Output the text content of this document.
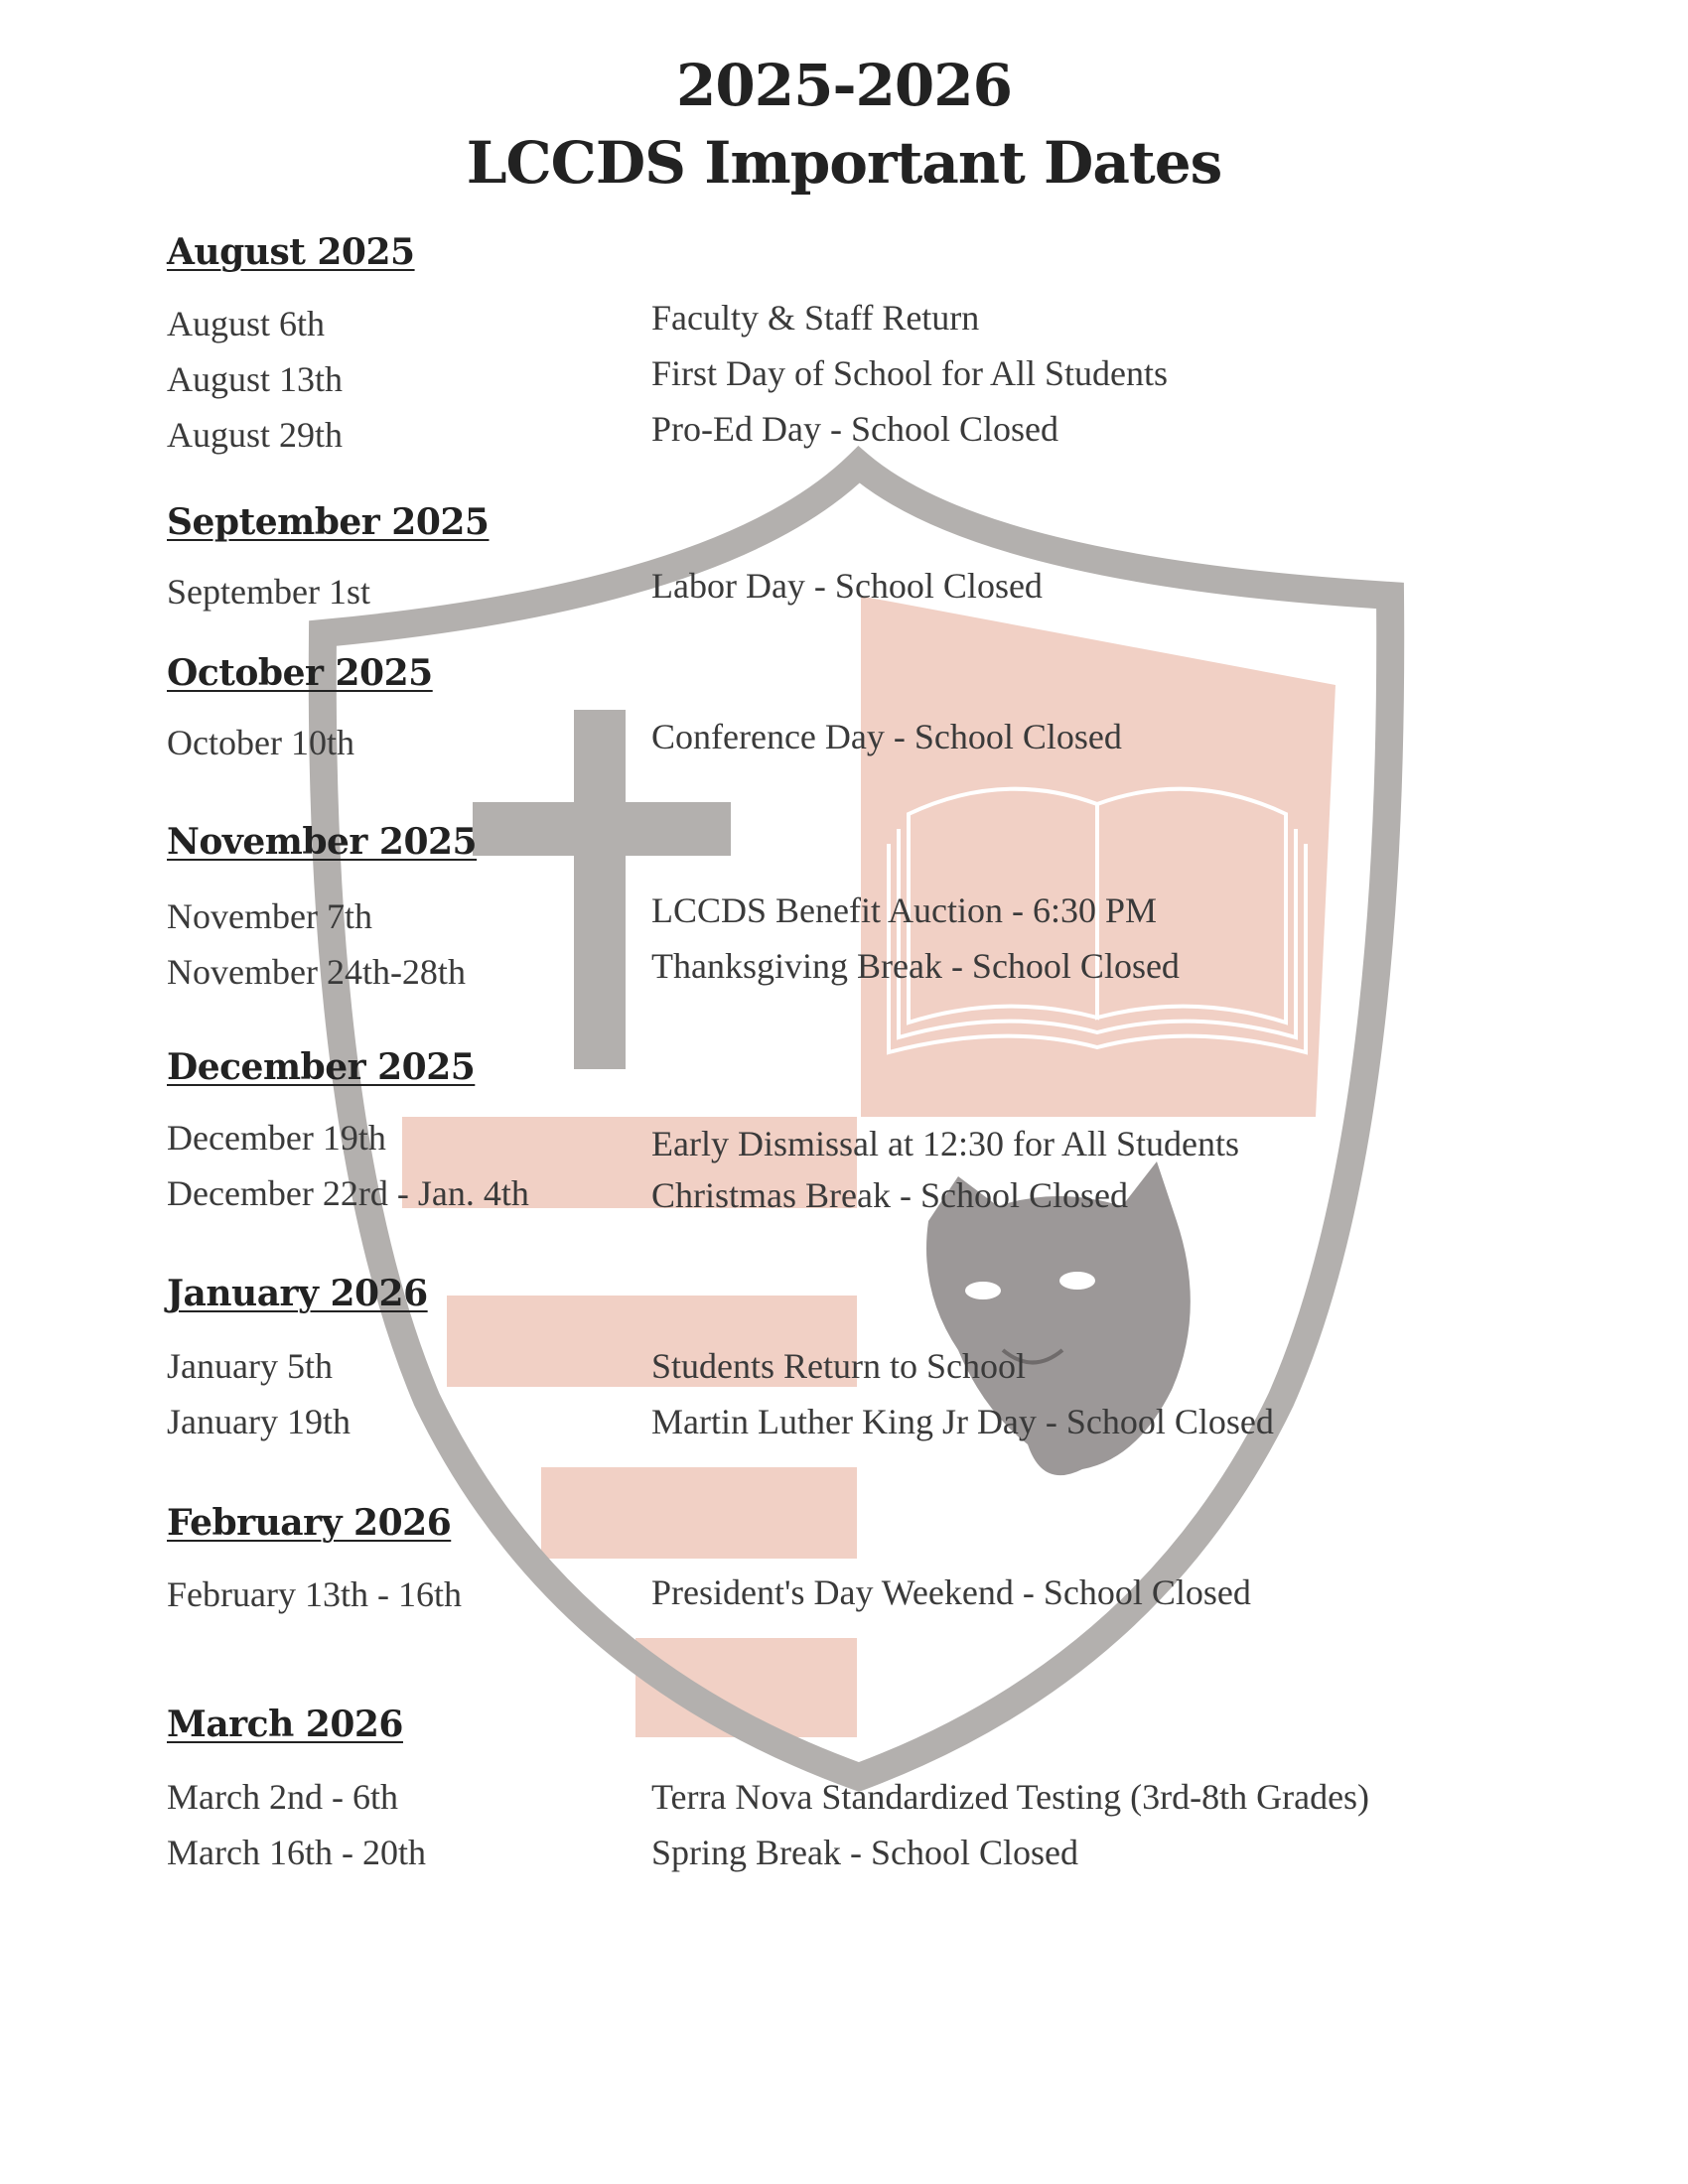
2025-2026
LCCDS Important Dates
August 2025
August 6th	Faculty & Staff Return
August 13th	First Day of School for All Students
August 29th	Pro-Ed Day - School Closed
September 2025
September 1st	Labor Day - School Closed
October 2025
October 10th	Conference Day - School Closed
November 2025
November 7th	LCCDS Benefit Auction - 6:30 PM
November 24th-28th	Thanksgiving Break - School Closed
December 2025
December 19th	Early Dismissal at 12:30 for All Students
December 22rd - Jan. 4th	Christmas Break - School Closed
January 2026
January 5th	Students Return to School
January 19th	Martin Luther King Jr Day - School Closed
February 2026
February 13th - 16th	President's Day Weekend - School Closed
March 2026
March 2nd - 6th	Terra Nova Standardized Testing (3rd-8th Grades)
March 16th - 20th	Spring Break - School Closed
